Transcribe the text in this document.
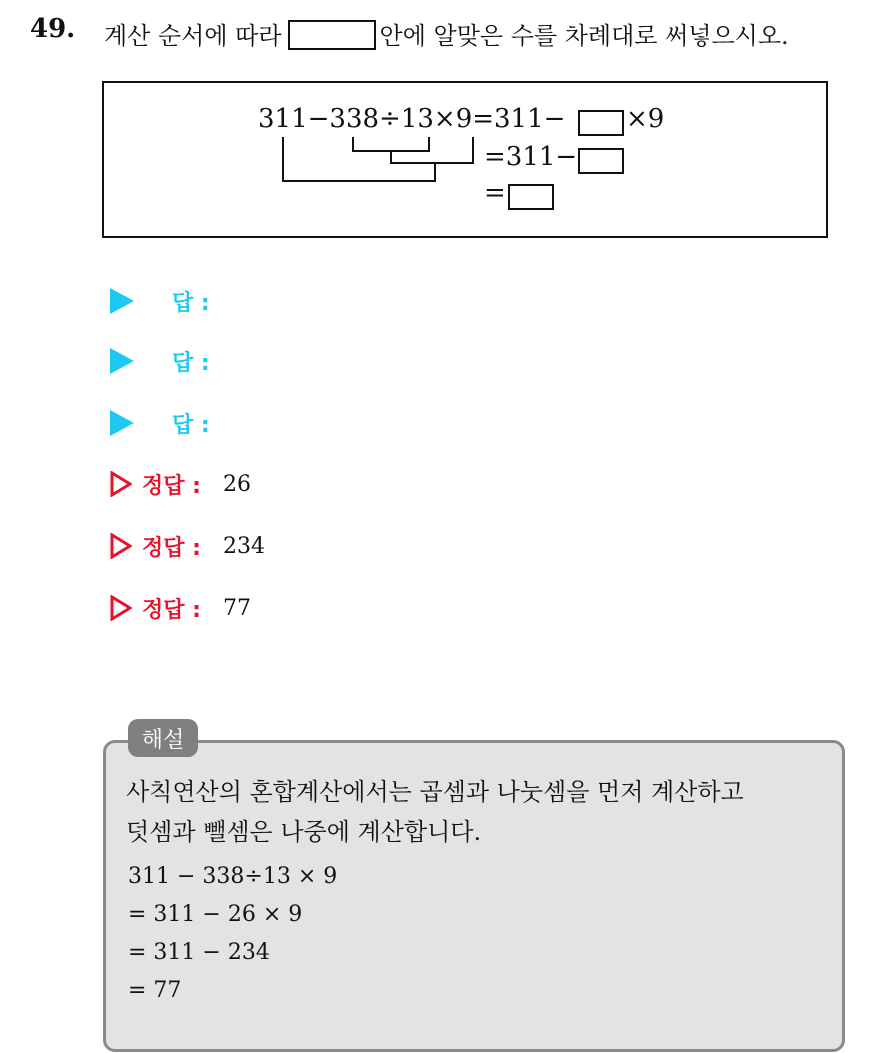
49. 계산 순서에 따라	안에 알맞은 수를 차례대로 써넣으시오.
311−338÷13×9=311− ×9
=311−
=
답 :
답 :
답 :
정답 : 26
정답 : 234
정답 : 77
해설
사칙연산의 혼합계산에서는 곱셈과 나눗셈을 먼저 계산하고
덧셈과 뺄셈은 나중에 계산합니다.
311 − 338÷13 × 9
= 311 − 26 × 9
= 311 − 234
= 77
